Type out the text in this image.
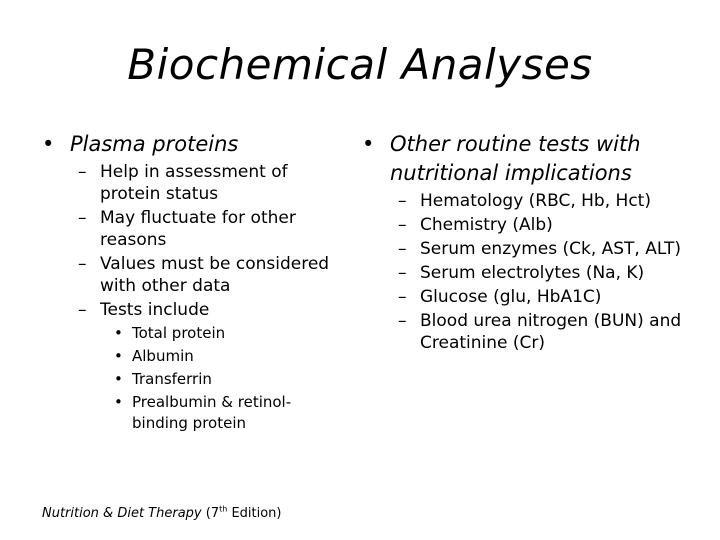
Biochemical Analyses
• Plasma proteins
– Help in assessment of protein status
– May fluctuate for other reasons
– Values must be considered with other data
– Tests include
• Total protein
• Albumin
• Transferrin
• Prealbumin & retinol-binding protein
• Other routine tests with nutritional implications
– Hematology (RBC, Hb, Hct)
– Chemistry (Alb)
– Serum enzymes (Ck, AST, ALT)
– Serum electrolytes (Na, K)
– Glucose (glu, HbA1C)
– Blood urea nitrogen (BUN) and Creatinine (Cr)
Nutrition & Diet Therapy (7th Edition)
